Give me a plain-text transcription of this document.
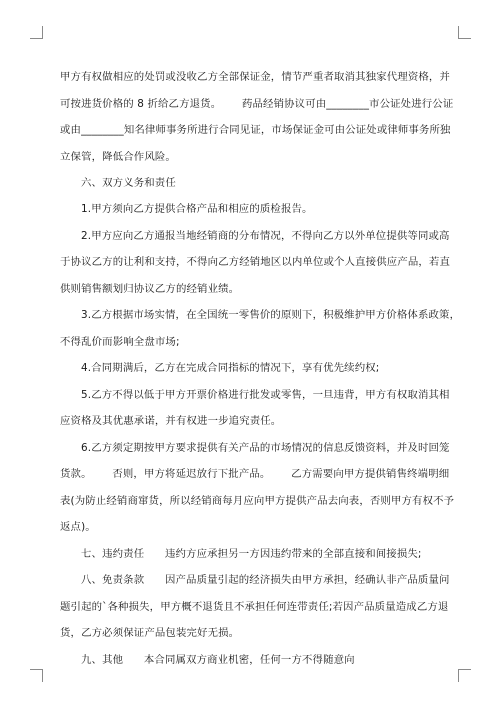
甲方有权做相应的处罚或没收乙方全部保证金，情节严重者取消其独家代理资格，并
可按进货价格的 8 折给乙方退货。      药品经销协议可由________市公证处进行公证
或由________知名律师事务所进行合同见证，市场保证金可由公证处或律师事务所独
立保管，降低合作风险。
六、双方义务和责任
1.甲方须向乙方提供合格产品和相应的质检报告。
2.甲方应向乙方通报当地经销商的分布情况，不得向乙方以外单位提供等同或高
于协议乙方的让利和支持，不得向乙方经销地区以内单位或个人直接供应产品，若直
供则销售额划归协议乙方的经销业绩。
3.乙方根据市场实情，在全国统一零售价的原则下，积极维护甲方价格体系政策，
不得乱价而影响全盘市场;
4.合同期满后，乙方在完成合同指标的情况下，享有优先续约权;
5.乙方不得以低于甲方开票价格进行批发或零售，一旦违背，甲方有权取消其相
应资格及其优惠承诺，并有权进一步追究责任。
6.乙方须定期按甲方要求提供有关产品的市场情况的信息反馈资料，并及时回笼
货款。      否则，甲方将延迟放行下批产品。      乙方需要向甲方提供销售终端明细
表(为防止经销商窜货，所以经销商每月应向甲方提供产品去向表，否则甲方有权不予
返点)。
七、违约责任      违约方应承担另一方因违约带来的全部直接和间接损失;
八、免责条款      因产品质量引起的经济损失由甲方承担，经确认非产品质量问
题引起的`各种损失，甲方概不退货且不承担任何连带责任;若因产品质量造成乙方退
货，乙方必须保证产品包装完好无损。
九、其他      本合同属双方商业机密，任何一方不得随意向
